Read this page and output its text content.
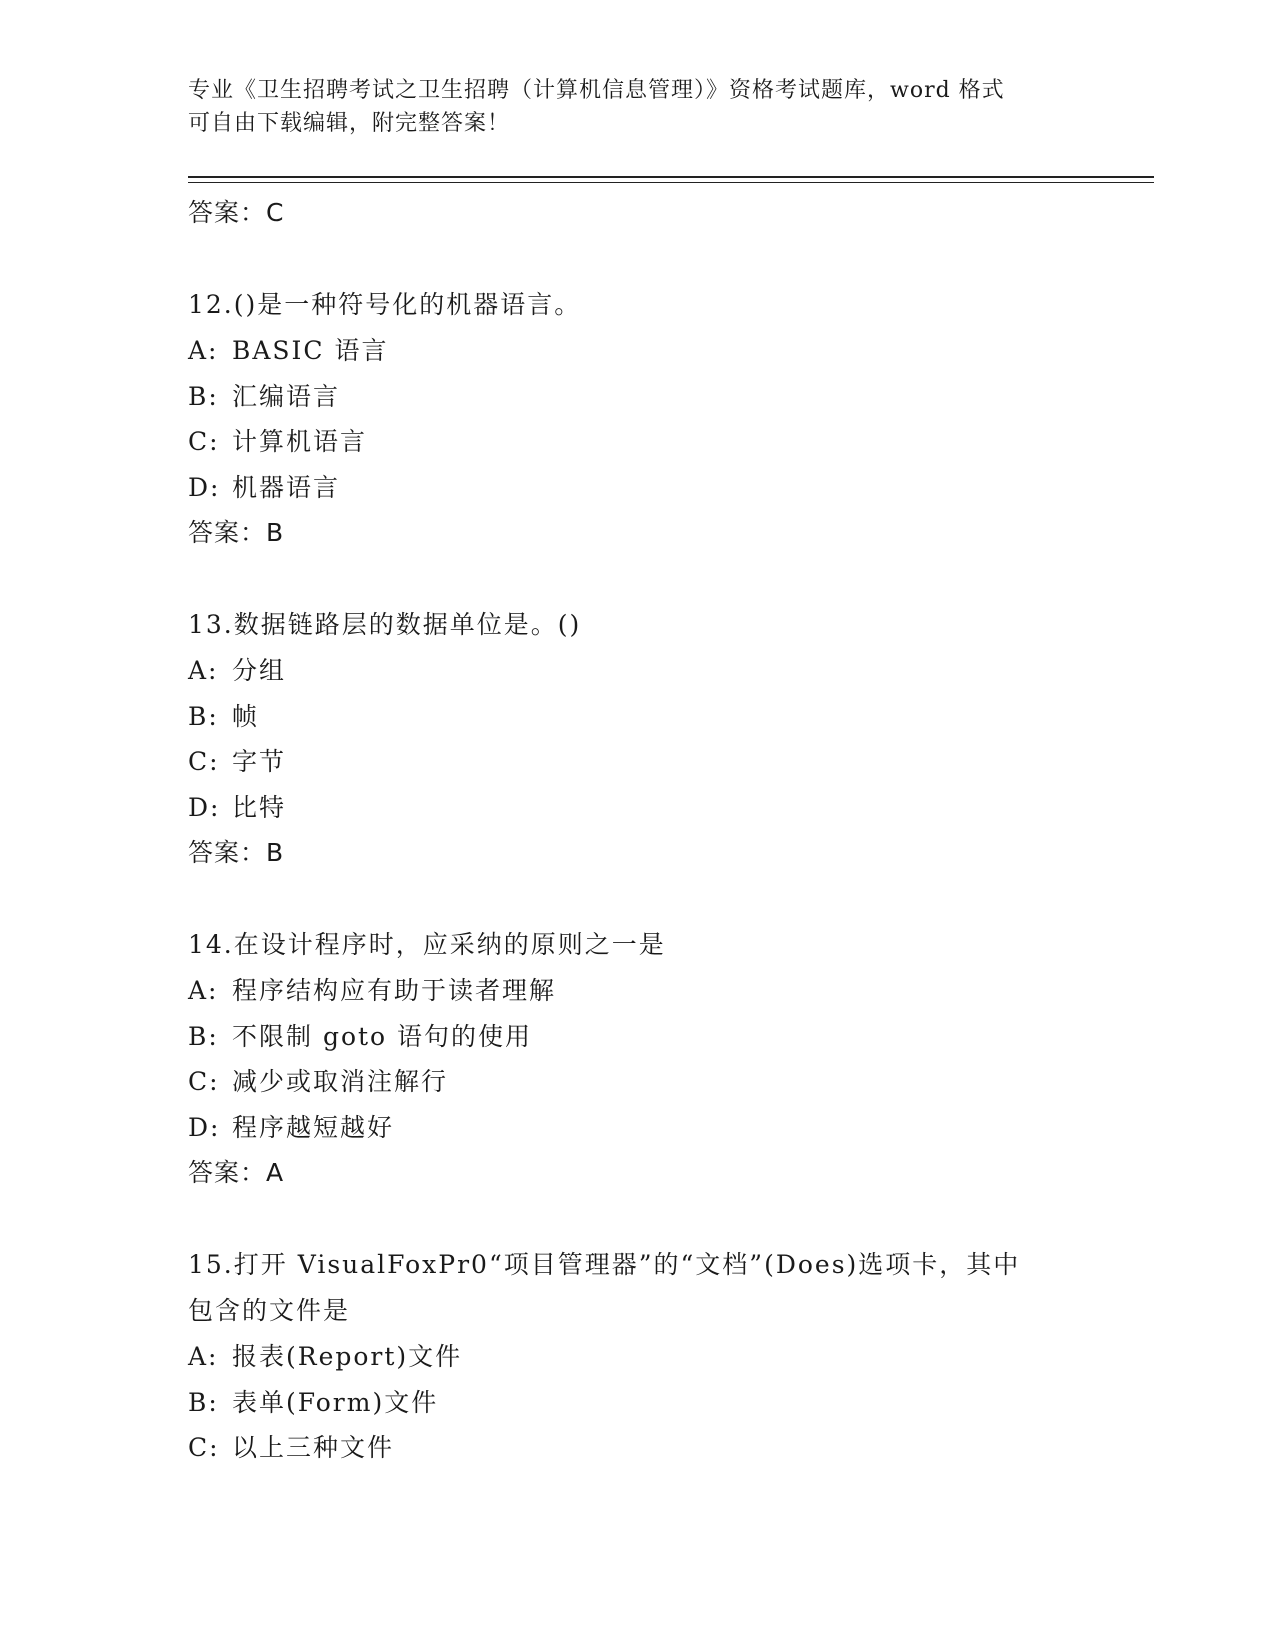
专业《卫生招聘考试之卫生招聘（计算机信息管理）》资格考试题库，word 格式
可自由下载编辑，附完整答案！
答案：C
12.()是一种符号化的机器语言。
A: BASIC 语言
B: 汇编语言
C: 计算机语言
D: 机器语言
答案：B
13.数据链路层的数据单位是。()
A: 分组
B: 帧
C: 字节
D: 比特
答案：B
14.在设计程序时，应采纳的原则之一是
A: 程序结构应有助于读者理解
B: 不限制 goto 语句的使用
C: 减少或取消注解行
D: 程序越短越好
答案：A
15.打开 VisualFoxPr0“项目管理器”的“文档”(Does)选项卡，其中
包含的文件是
A: 报表(Report)文件
B: 表单(Form)文件
C: 以上三种文件
